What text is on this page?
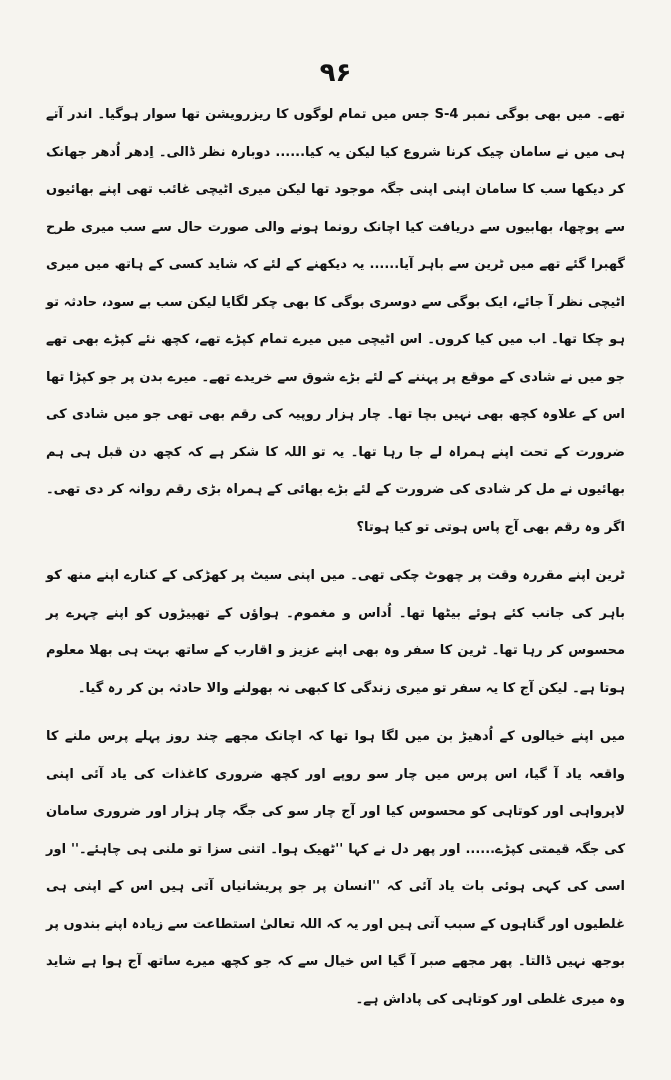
۹۶

تھے۔ میں بھی بوگی نمبر S-4 جس میں تمام لوگوں کا ریزرویشن تھا سوار ہوگیا۔ اندر آتے ہی میں نے سامان چیک کرنا شروع کیا لیکن یہ کیا...... دوبارہ نظر ڈالی۔ اِدھر اُدھر جھانک کر دیکھا سب کا سامان اپنی اپنی جگہ موجود تھا لیکن میری اٹیچی غائب تھی اپنے بھائیوں سے پوچھا، بھابیوں سے دریافت کیا اچانک رونما ہونے والی صورت حال سے سب میری طرح گھبرا گئے تھے میں ٹرین سے باہر آیا...... یہ دیکھنے کے لئے کہ شاید کسی کے ہاتھ میں میری اٹیچی نظر آ جائے، ایک بوگی سے دوسری بوگی کا بھی چکر لگایا لیکن سب بے سود، حادثہ تو ہو چکا تھا۔ اب میں کیا کروں۔ اس اٹیچی میں میرے تمام کپڑے تھے، کچھ نئے کپڑے بھی تھے جو میں نے شادی کے موقع پر پہننے کے لئے بڑے شوق سے خریدے تھے۔ میرے بدن پر جو کپڑا تھا اس کے علاوہ کچھ بھی نہیں بچا تھا۔ چار ہزار روپیہ کی رقم بھی تھی جو میں شادی کی ضرورت کے تحت اپنے ہمراہ لے جا رہا تھا۔ یہ تو اللہ کا شکر ہے کہ کچھ دن قبل ہی ہم بھائیوں نے مل کر شادی کی ضرورت کے لئے بڑے بھائی کے ہمراہ بڑی رقم روانہ کر دی تھی۔ اگر وہ رقم بھی آج پاس ہوتی تو کیا ہوتا؟

ٹرین اپنے مقررہ وقت پر چھوٹ چکی تھی۔ میں اپنی سیٹ پر کھڑکی کے کنارے اپنے منھ کو باہر کی جانب کئے ہوئے بیٹھا تھا۔ اُداس و مغموم۔ ہواؤں کے تھپیڑوں کو اپنے چہرے پر محسوس کر رہا تھا۔ ٹرین کا سفر وہ بھی اپنے عزیز و اقارب کے ساتھ بہت ہی بھلا معلوم ہوتا ہے۔ لیکن آج کا یہ سفر تو میری زندگی کا کبھی نہ بھولنے والا حادثہ بن کر رہ گیا۔

میں اپنے خیالوں کے اُدھیڑ بن میں لگا ہوا تھا کہ اچانک مجھے چند روز پہلے پرس ملنے کا واقعہ یاد آ گیا، اس پرس میں چار سو روپے اور کچھ ضروری کاغذات کی یاد آئی اپنی لاپرواہی اور کوتاہی کو محسوس کیا اور آج چار سو کی جگہ چار ہزار اور ضروری سامان کی جگہ قیمتی کپڑے...... اور پھر دل نے کہا ''ٹھیک ہوا۔ اتنی سزا تو ملنی ہی چاہئے۔'' اور اسی کی کہی ہوئی بات یاد آئی کہ ''انسان پر جو پریشانیاں آتی ہیں اس کے اپنی ہی غلطیوں اور گناہوں کے سبب آتی ہیں اور یہ کہ اللہ تعالیٰ استطاعت سے زیادہ اپنے بندوں پر بوجھ نہیں ڈالتا۔ پھر مجھے صبر آ گیا اس خیال سے کہ جو کچھ میرے ساتھ آج ہوا ہے شاید وہ میری غلطی اور کوتاہی کی پاداش ہے۔
